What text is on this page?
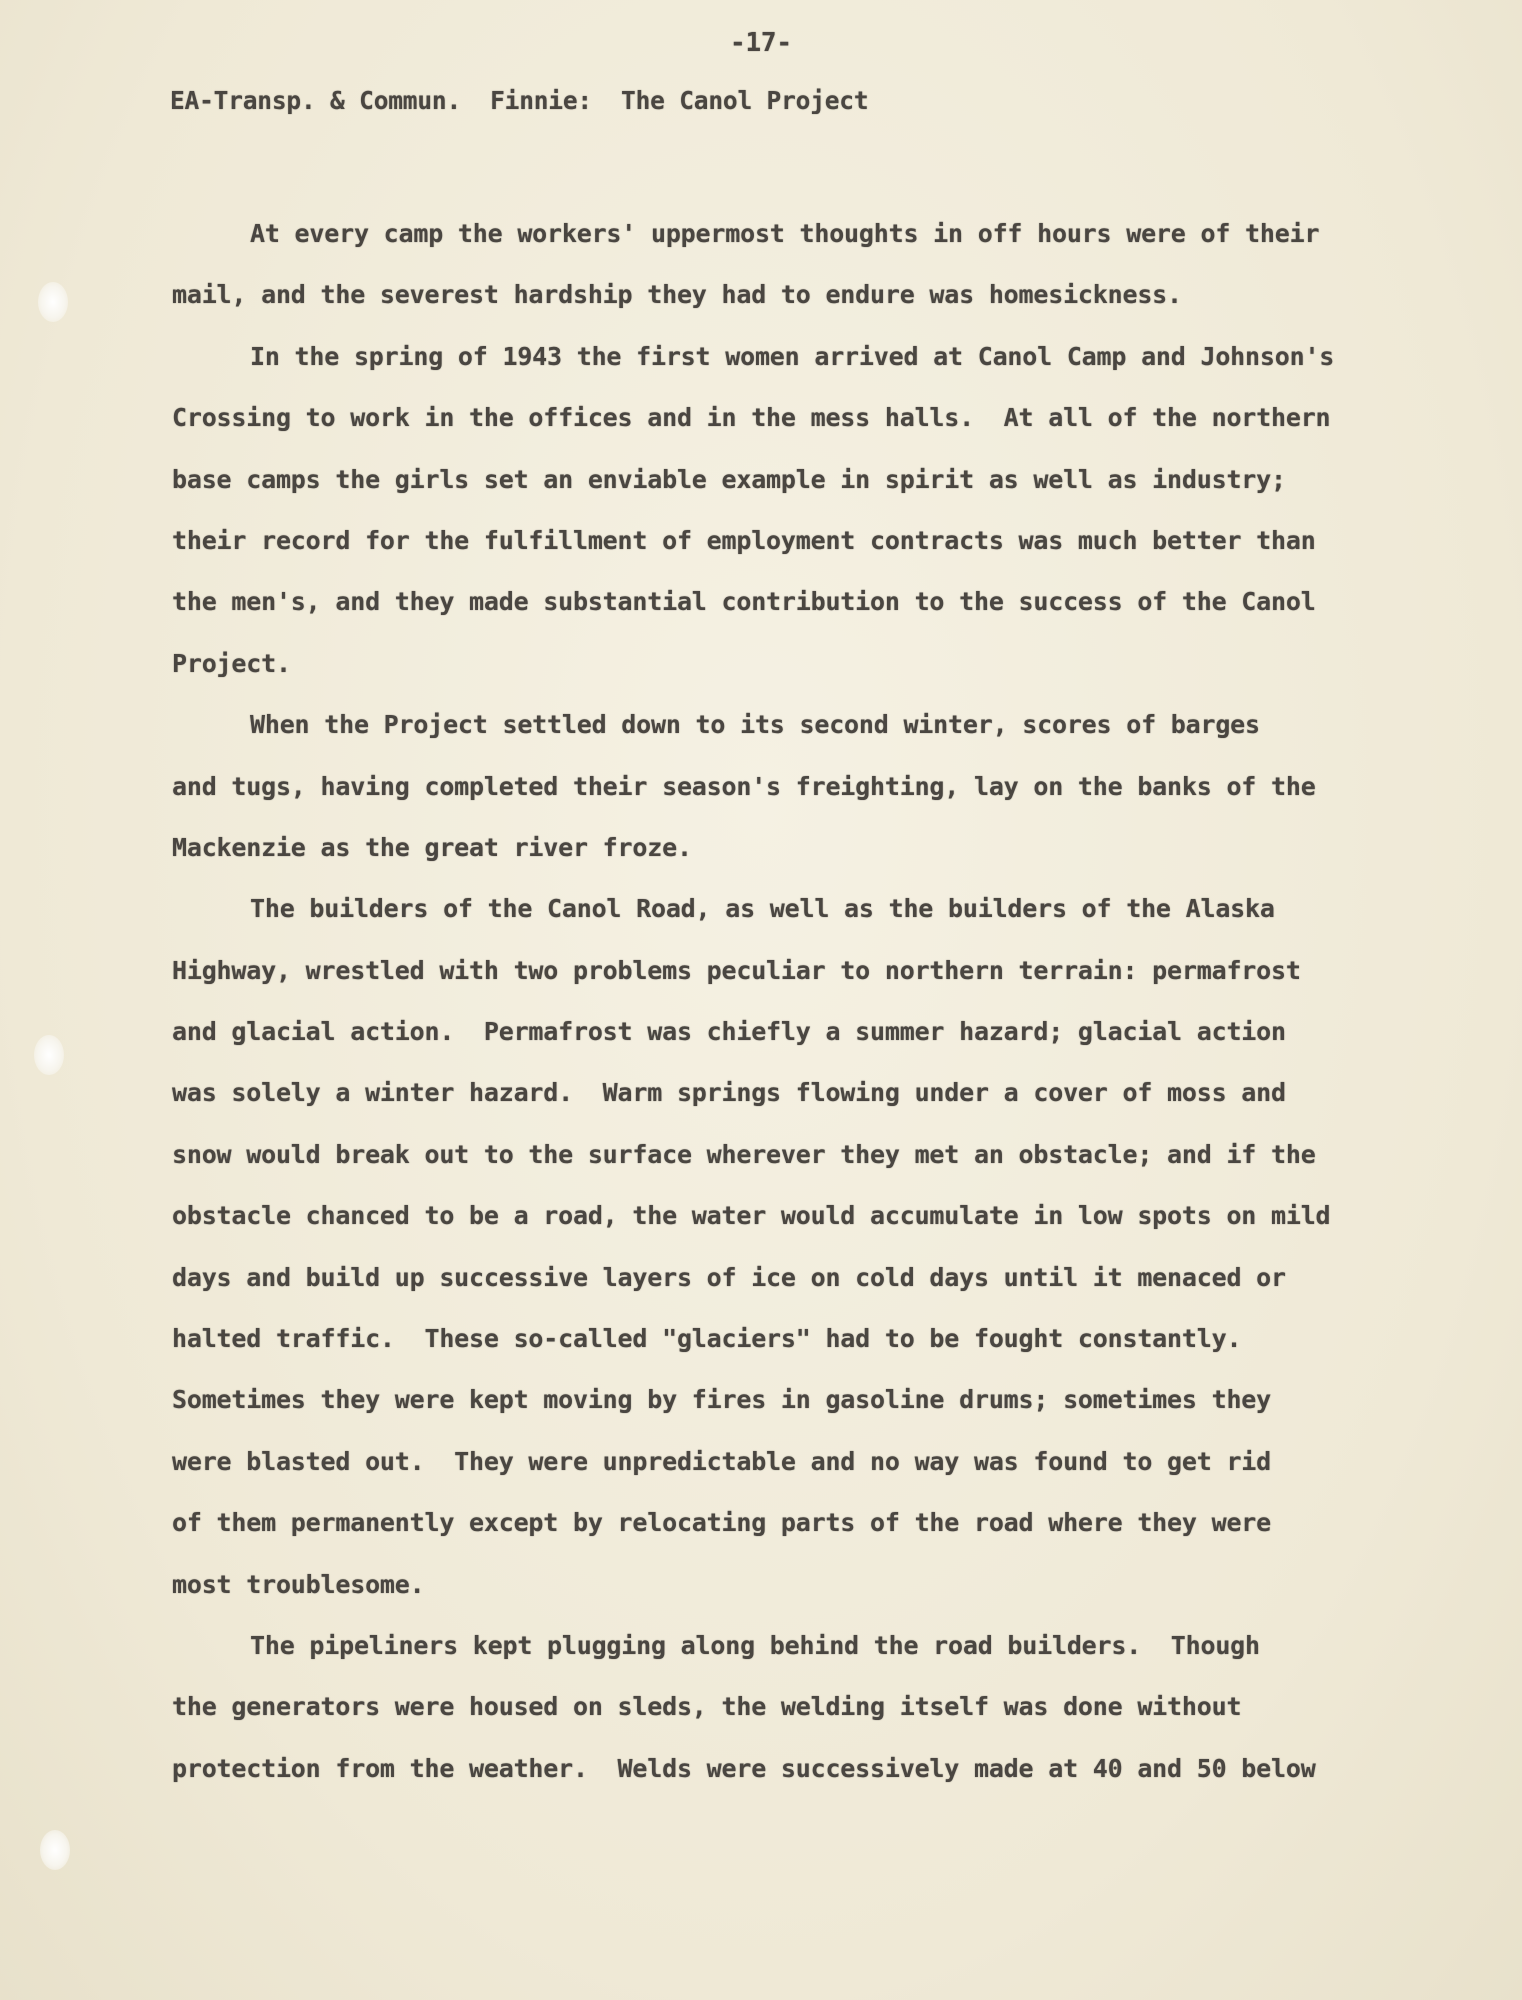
-17-

EA-Transp. & Commun.  Finnie:  The Canol Project

At every camp the workers' uppermost thoughts in off hours were of their

mail, and the severest hardship they had to endure was homesickness.

In the spring of 1943 the first women arrived at Canol Camp and Johnson's

Crossing to work in the offices and in the mess halls.  At all of the northern

base camps the girls set an enviable example in spirit as well as industry;

their record for the fulfillment of employment contracts was much better than

the men's, and they made substantial contribution to the success of the Canol

Project.

When the Project settled down to its second winter, scores of barges

and tugs, having completed their season's freighting, lay on the banks of the

Mackenzie as the great river froze.

The builders of the Canol Road, as well as the builders of the Alaska

Highway, wrestled with two problems peculiar to northern terrain: permafrost

and glacial action.  Permafrost was chiefly a summer hazard; glacial action

was solely a winter hazard.  Warm springs flowing under a cover of moss and

snow would break out to the surface wherever they met an obstacle; and if the

obstacle chanced to be a road, the water would accumulate in low spots on mild

days and build up successive layers of ice on cold days until it menaced or

halted traffic.  These so-called "glaciers" had to be fought constantly.

Sometimes they were kept moving by fires in gasoline drums; sometimes they

were blasted out.  They were unpredictable and no way was found to get rid

of them permanently except by relocating parts of the road where they were

most troublesome.

The pipeliners kept plugging along behind the road builders.  Though

the generators were housed on sleds, the welding itself was done without

protection from the weather.  Welds were successively made at 40 and 50 below
